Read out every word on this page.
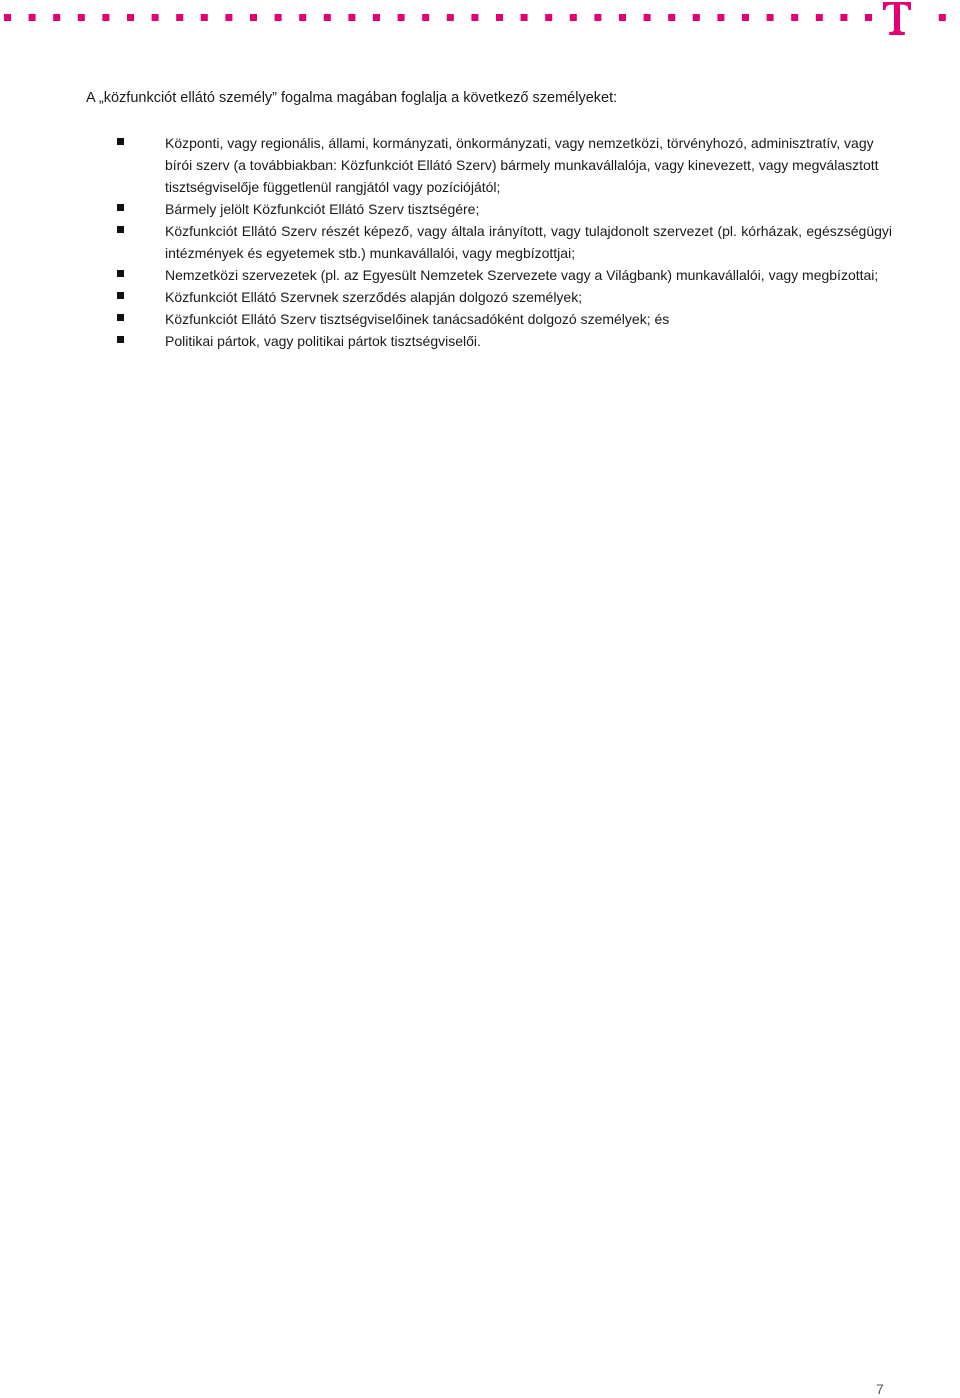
A „közfunkciót ellátó személy” fogalma magában foglalja a következő személyeket:

Központi, vagy regionális, állami, kormányzati, önkormányzati, vagy nemzetközi, törvényhozó, adminisztratív, vagy bírói szerv (a továbbiakban: Közfunkciót Ellátó Szerv) bármely munkavállalója, vagy kinevezett, vagy megválasztott tisztségviselője függetlenül rangjától vagy pozíciójától;
Bármely jelölt Közfunkciót Ellátó Szerv tisztségére;
Közfunkciót Ellátó Szerv részét képező, vagy általa irányított, vagy tulajdonolt szervezet (pl. kórházak, egészségügyi intézmények és egyetemek stb.) munkavállalói, vagy megbízottjai;
Nemzetközi szervezetek (pl. az Egyesült Nemzetek Szervezete vagy a Világbank) munkavállalói, vagy megbízottai;
Közfunkciót Ellátó Szervnek szerződés alapján dolgozó személyek;
Közfunkciót Ellátó Szerv tisztségviselőinek tanácsadóként dolgozó személyek; és
Politikai pártok, vagy politikai pártok tisztségviselői.
7
